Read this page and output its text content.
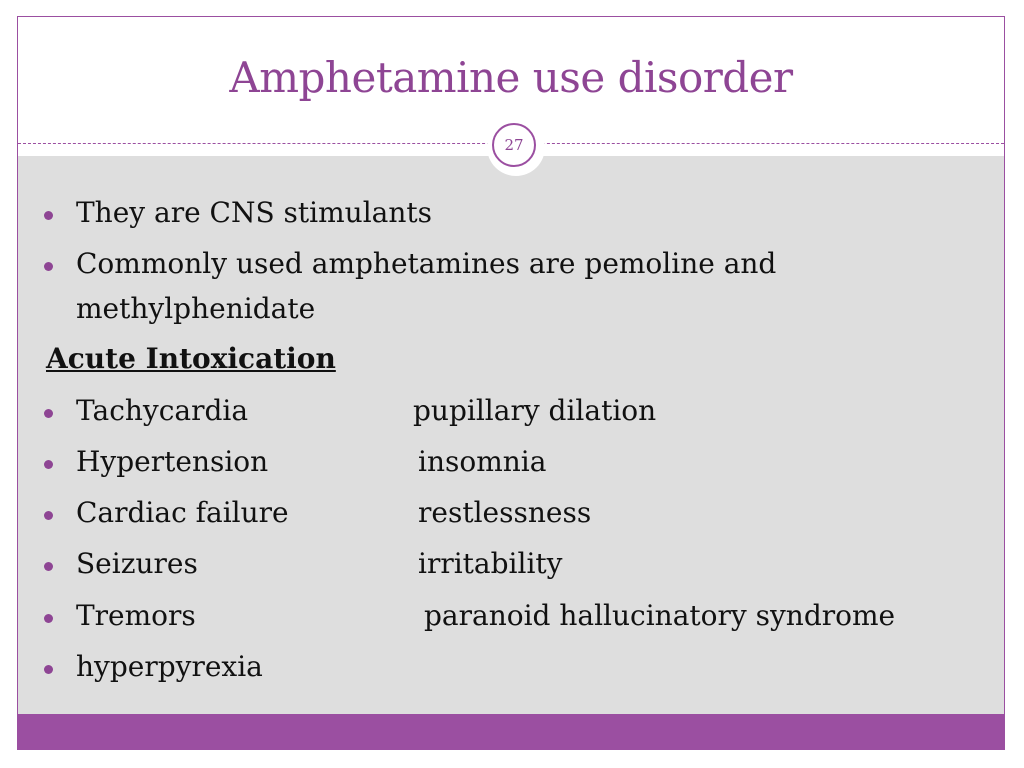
Amphetamine use disorder
27
They are CNS stimulants
Commonly used amphetamines are pemoline and
methylphenidate
Acute Intoxication
Tachycardia	pupillary dilation
Hypertension	insomnia
Cardiac failure	restlessness
Seizures	irritability
Tremors	paranoid hallucinatory syndrome
hyperpyrexia
